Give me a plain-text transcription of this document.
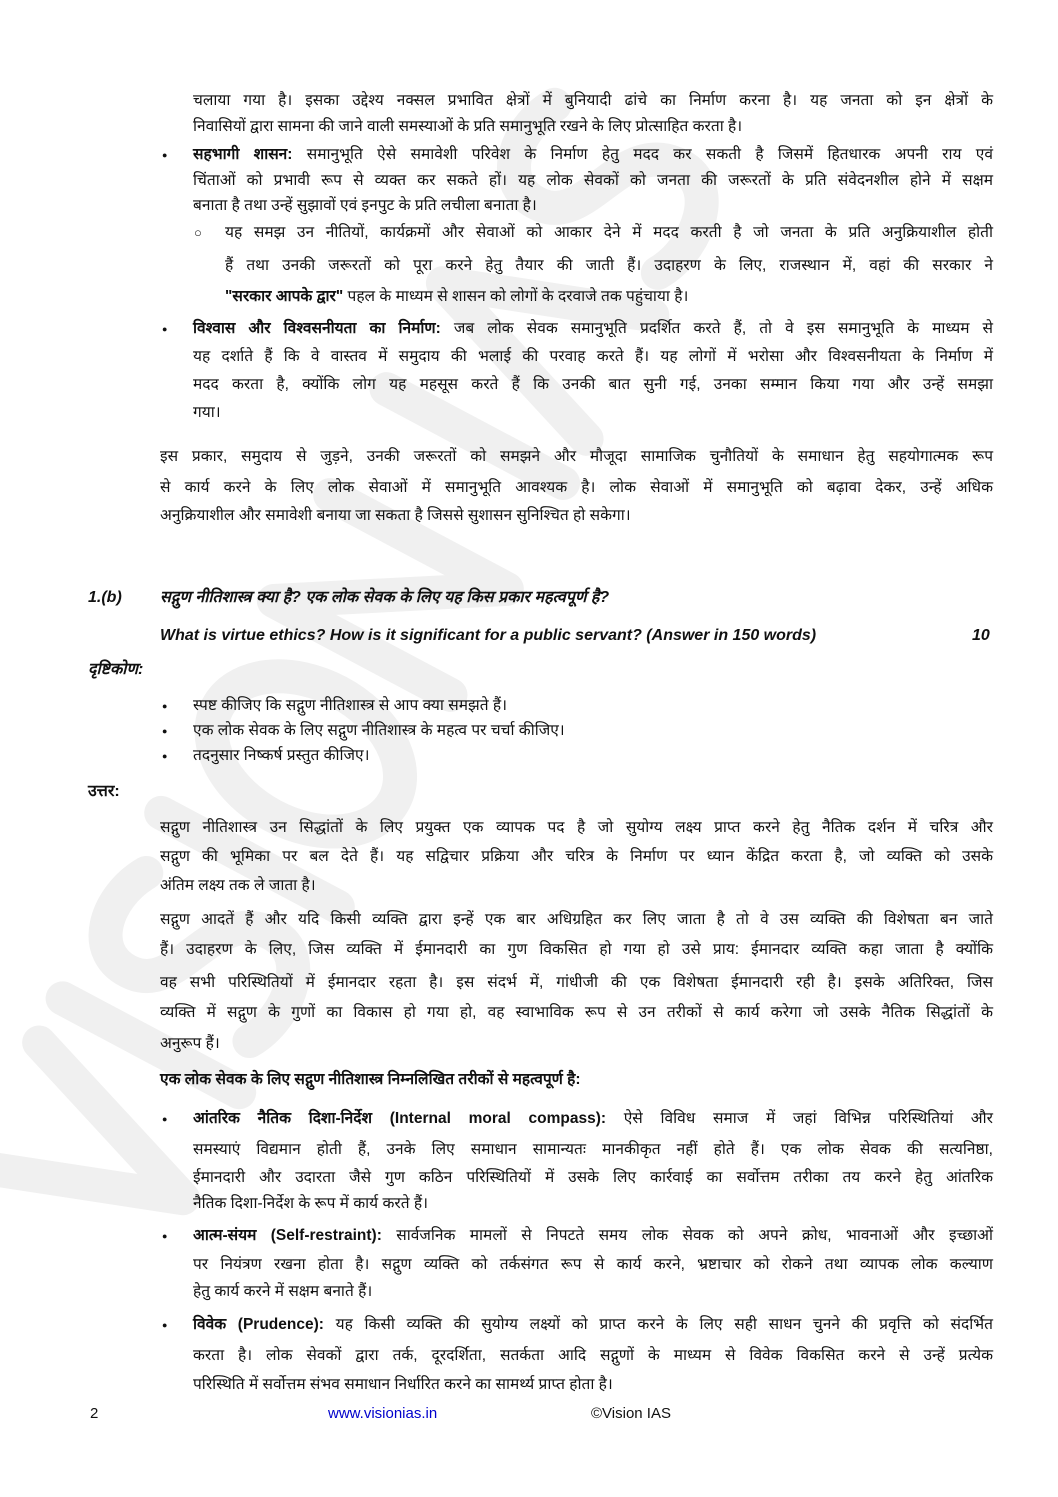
चलाया गया है। इसका उद्देश्य नक्सल प्रभावित क्षेत्रों में बुनियादी ढांचे का निर्माण करना है। यह जनता को इन क्षेत्रों के
निवासियों द्वारा सामना की जाने वाली समस्याओं के प्रति समानुभूति रखने के लिए प्रोत्साहित करता है।
● सहभागी शासन: समानुभूति ऐसे समावेशी परिवेश के निर्माण हेतु मदद कर सकती है जिसमें हितधारक अपनी राय एवं
चिंताओं को प्रभावी रूप से व्यक्त कर सकते हों। यह लोक सेवकों को जनता की जरूरतों के प्रति संवेदनशील होने में सक्षम
बनाता है तथा उन्हें सुझावों एवं इनपुट के प्रति लचीला बनाता है।
○ यह समझ उन नीतियों, कार्यक्रमों और सेवाओं को आकार देने में मदद करती है जो जनता के प्रति अनुक्रियाशील होती
हैं तथा उनकी जरूरतों को पूरा करने हेतु तैयार की जाती हैं। उदाहरण के लिए, राजस्थान में, वहां की सरकार ने
"सरकार आपके द्वार" पहल के माध्यम से शासन को लोगों के दरवाजे तक पहुंचाया है।
● विश्वास और विश्वसनीयता का निर्माण: जब लोक सेवक समानुभूति प्रदर्शित करते हैं, तो वे इस समानुभूति के माध्यम से
यह दर्शाते हैं कि वे वास्तव में समुदाय की भलाई की परवाह करते हैं। यह लोगों में भरोसा और विश्वसनीयता के निर्माण में
मदद करता है, क्योंकि लोग यह महसूस करते हैं कि उनकी बात सुनी गई, उनका सम्मान किया गया और उन्हें समझा
गया।
इस प्रकार, समुदाय से जुड़ने, उनकी जरूरतों को समझने और मौजूदा सामाजिक चुनौतियों के समाधान हेतु सहयोगात्मक रूप
से कार्य करने के लिए लोक सेवाओं में समानुभूति आवश्यक है। लोक सेवाओं में समानुभूति को बढ़ावा देकर, उन्हें अधिक
अनुक्रियाशील और समावेशी बनाया जा सकता है जिससे सुशासन सुनिश्चित हो सकेगा।
सद्गुण नीतिशास्त्र उन सिद्धांतों के लिए प्रयुक्त एक व्यापक पद है जो सुयोग्य लक्ष्य प्राप्त करने हेतु नैतिक दर्शन में चरित्र और
सद्गुण की भूमिका पर बल देते हैं। यह सद्विचार प्रक्रिया और चरित्र के निर्माण पर ध्यान केंद्रित करता है, जो व्यक्ति को उसके
अंतिम लक्ष्य तक ले जाता है।
सद्गुण आदतें हैं और यदि किसी व्यक्ति द्वारा इन्हें एक बार अधिग्रहित कर लिए जाता है तो वे उस व्यक्ति की विशेषता बन जाते
हैं। उदाहरण के लिए, जिस व्यक्ति में ईमानदारी का गुण विकसित हो गया हो उसे प्राय: ईमानदार व्यक्ति कहा जाता है क्योंकि
वह सभी परिस्थितियों में ईमानदार रहता है। इस संदर्भ में, गांधीजी की एक विशेषता ईमानदारी रही है। इसके अतिरिक्त, जिस
व्यक्ति में सद्गुण के गुणों का विकास हो गया हो, वह स्वाभाविक रूप से उन तरीकों से कार्य करेगा जो उसके नैतिक सिद्धांतों के
अनुरूप हैं।
एक लोक सेवक के लिए सद्गुण नीतिशास्त्र निम्नलिखित तरीकों से महत्वपूर्ण है:
● आंतरिक नैतिक दिशा-निर्देश (Internal moral compass): ऐसे विविध समाज में जहां विभिन्न परिस्थितियां और
समस्याएं विद्यमान होती हैं, उनके लिए समाधान सामान्यतः मानकीकृत नहीं होते हैं। एक लोक सेवक की सत्यनिष्ठा,
ईमानदारी और उदारता जैसे गुण कठिन परिस्थितियों में उसके लिए कार्रवाई का सर्वोत्तम तरीका तय करने हेतु आंतरिक
नैतिक दिशा-निर्देश के रूप में कार्य करते हैं।
● आत्म-संयम (Self-restraint): सार्वजनिक मामलों से निपटते समय लोक सेवक को अपने क्रोध, भावनाओं और इच्छाओं
पर नियंत्रण रखना होता है। सद्गुण व्यक्ति को तर्कसंगत रूप से कार्य करने, भ्रष्टाचार को रोकने तथा व्यापक लोक कल्याण
हेतु कार्य करने में सक्षम बनाते हैं।
● विवेक (Prudence): यह किसी व्यक्ति की सुयोग्य लक्ष्यों को प्राप्त करने के लिए सही साधन चुनने की प्रवृत्ति को संदर्भित
करता है। लोक सेवकों द्वारा तर्क, दूरदर्शिता, सतर्कता आदि सद्गुणों के माध्यम से विवेक विकसित करने से उन्हें प्रत्येक
परिस्थिति में सर्वोत्तम संभव समाधान निर्धारित करने का सामर्थ्य प्राप्त होता है।
● स्पष्ट कीजिए कि सद्गुण नीतिशास्त्र से आप क्या समझते हैं।
● एक लोक सेवक के लिए सद्गुण नीतिशास्त्र के महत्व पर चर्चा कीजिए।
● तदनुसार निष्कर्ष प्रस्तुत कीजिए।
1.(b) सद्गुण नीतिशास्त्र क्या है? एक लोक सेवक के लिए यह किस प्रकार महत्वपूर्ण है?
What is virtue ethics? How is it significant for a public servant? (Answer in 150 words)	10
दृष्टिकोण:
उत्तर:
2	www.visionias.in	©Vision IAS
